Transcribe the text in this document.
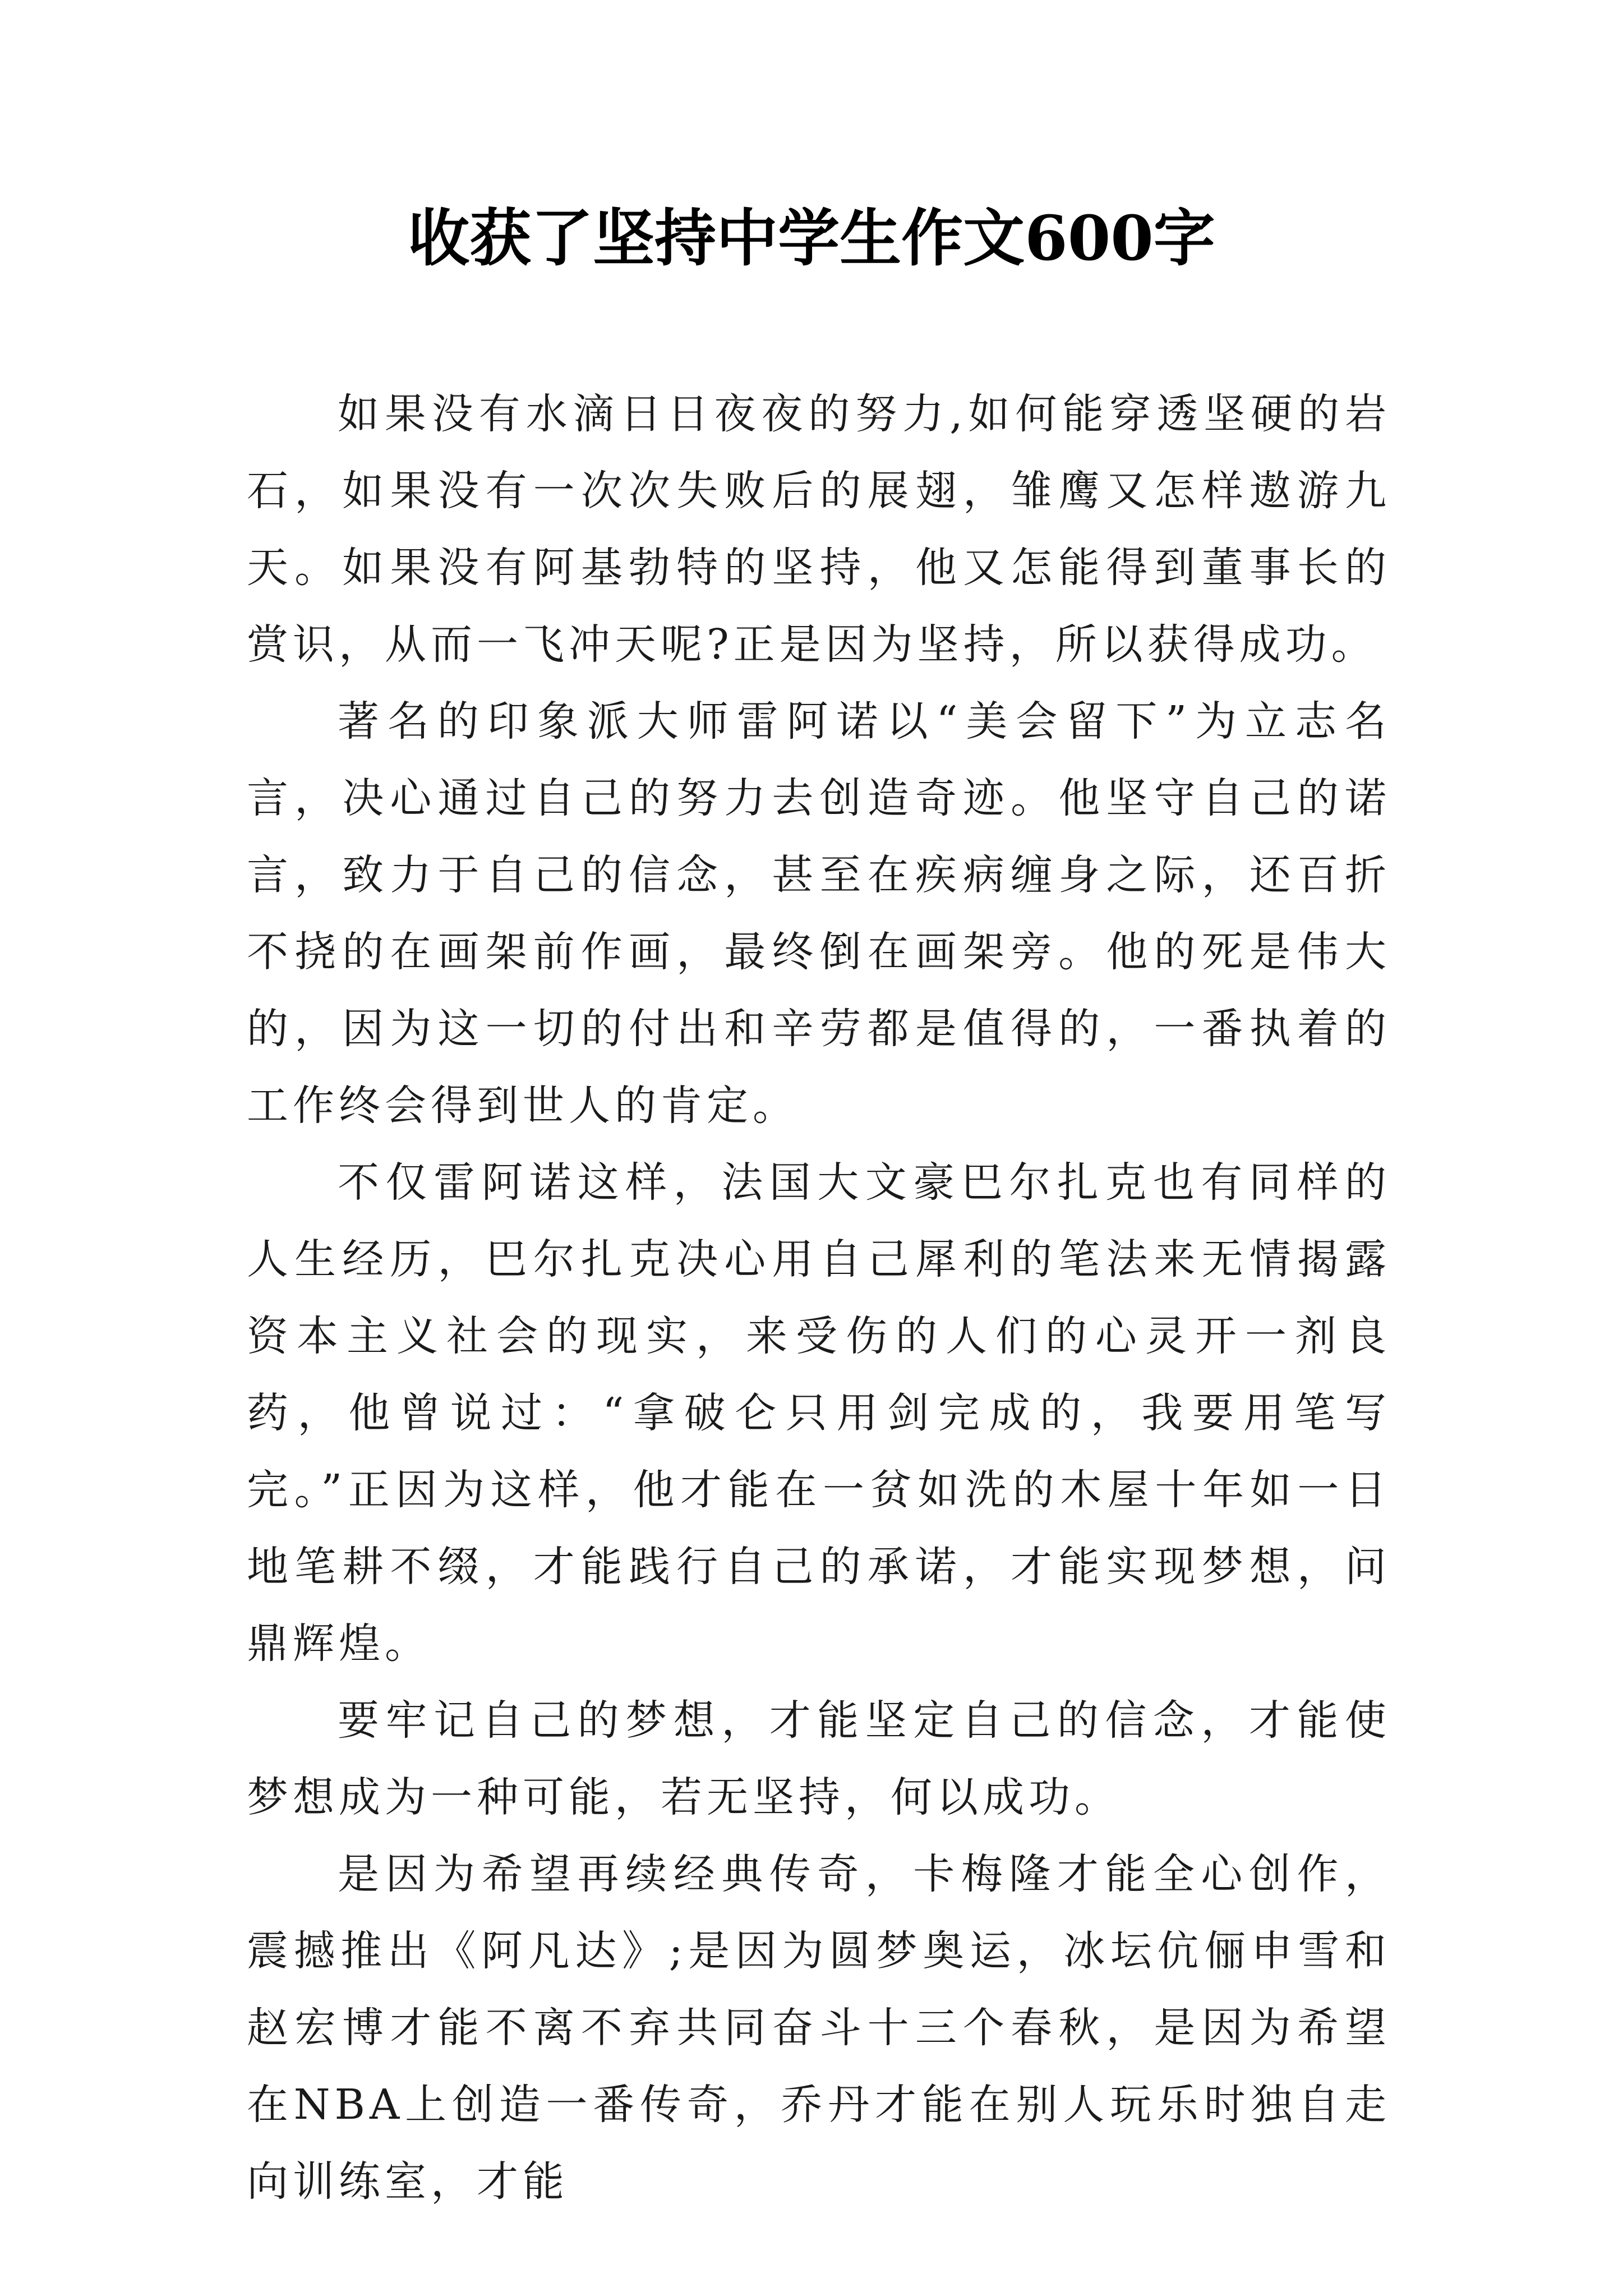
收获了坚持中学生作文600字

如果没有水滴日日夜夜的努力,如何能穿透坚硬的岩石，如果没有一次次失败后的展翅，雏鹰又怎样遨游九天。如果没有阿基勃特的坚持，他又怎能得到董事长的赏识，从而一飞冲天呢?正是因为坚持，所以获得成功。

著名的印象派大师雷阿诺以“美会留下”为立志名言，决心通过自己的努力去创造奇迹。他坚守自己的诺言，致力于自己的信念，甚至在疾病缠身之际，还百折不挠的在画架前作画，最终倒在画架旁。他的死是伟大的，因为这一切的付出和辛劳都是值得的，一番执着的工作终会得到世人的肯定。

不仅雷阿诺这样，法国大文豪巴尔扎克也有同样的人生经历，巴尔扎克决心用自己犀利的笔法来无情揭露资本主义社会的现实，来受伤的人们的心灵开一剂良药，他曾说过：“拿破仑只用剑完成的，我要用笔写完。”正因为这样，他才能在一贫如洗的木屋十年如一日地笔耕不缀，才能践行自己的承诺，才能实现梦想，问鼎辉煌。

要牢记自己的梦想，才能坚定自己的信念，才能使梦想成为一种可能，若无坚持，何以成功。

是因为希望再续经典传奇，卡梅隆才能全心创作，震撼推出《阿凡达》;是因为圆梦奥运，冰坛伉俪申雪和赵宏博才能不离不弃共同奋斗十三个春秋，是因为希望在NBA上创造一番传奇，乔丹才能在别人玩乐时独自走向训练室，才能
